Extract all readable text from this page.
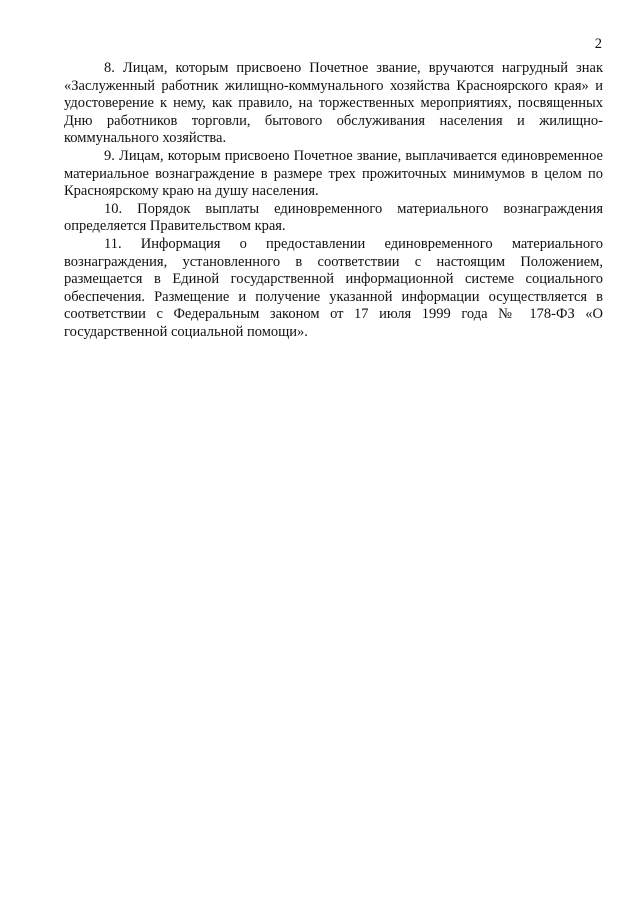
2

8. Лицам, которым присвоено Почетное звание, вручаются нагрудный знак «Заслуженный работник жилищно-коммунального хозяйства Красноярского края» и удостоверение к нему, как правило, на торжественных мероприятиях, посвященных Дню работников торговли, бытового обслуживания населения и жилищно-коммунального хозяйства.

9. Лицам, которым присвоено Почетное звание, выплачивается единовременное материальное вознаграждение в размере трех прожиточных минимумов в целом по Красноярскому краю на душу населения.

10. Порядок выплаты единовременного материального вознаграждения определяется Правительством края.

11. Информация о предоставлении единовременного материального вознаграждения, установленного в соответствии с настоящим Положением, размещается в Единой государственной информационной системе социального обеспечения. Размещение и получение указанной информации осуществляется в соответствии с Федеральным законом от 17 июля 1999 года № 178-ФЗ «О государственной социальной помощи».
